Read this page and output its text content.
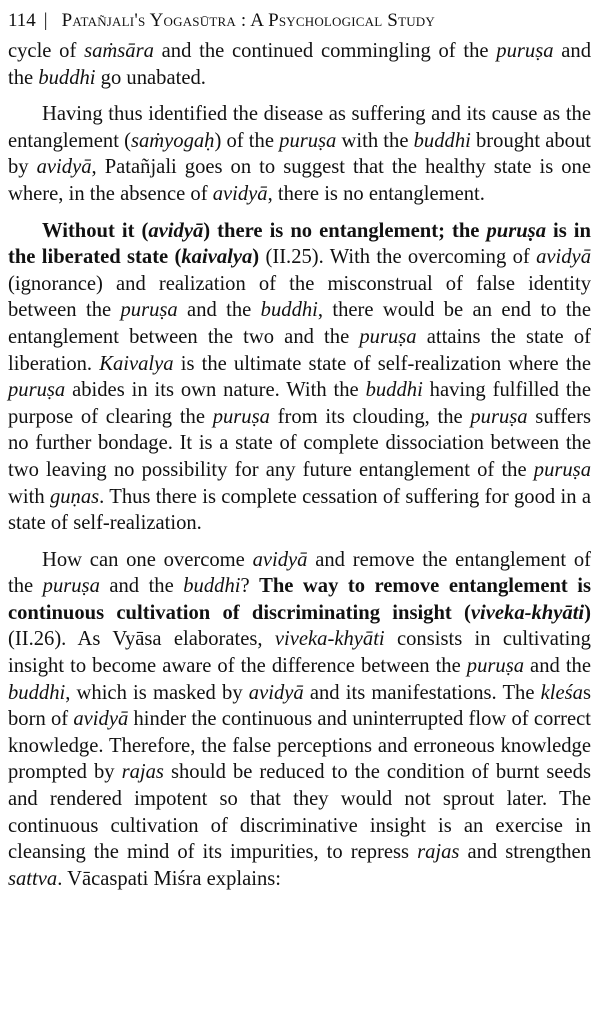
114 | Patañjali's Yogasūtra : A Psychological Study

cycle of saṁsāra and the continued commingling of the puruṣa and the buddhi go unabated.

Having thus identified the disease as suffering and its cause as the entanglement (saṁyogaḥ) of the puruṣa with the buddhi brought about by avidyā, Patañjali goes on to suggest that the healthy state is one where, in the absence of avidyā, there is no entanglement.

Without it (avidyā) there is no entanglement; the puruṣa is in the liberated state (kaivalya) (II.25). With the overcoming of avidyā (ignorance) and realization of the misconstrual of false identity between the puruṣa and the buddhi, there would be an end to the entanglement between the two and the puruṣa attains the state of liberation. Kaivalya is the ultimate state of self-realization where the puruṣa abides in its own nature. With the buddhi having fulfilled the purpose of clearing the puruṣa from its clouding, the puruṣa suffers no further bondage. It is a state of complete dissociation between the two leaving no possibility for any future entanglement of the puruṣa with guṇas. Thus there is complete cessation of suffering for good in a state of self-realization.

How can one overcome avidyā and remove the entanglement of the puruṣa and the buddhi? The way to remove entanglement is continuous cultivation of discriminating insight (viveka-khyāti) (II.26). As Vyāsa elaborates, viveka-khyāti consists in cultivating insight to become aware of the difference between the puruṣa and the buddhi, which is masked by avidyā and its manifestations. The kleśas born of avidyā hinder the continuous and uninterrupted flow of correct knowledge. Therefore, the false perceptions and erroneous knowledge prompted by rajas should be reduced to the condition of burnt seeds and rendered impotent so that they would not sprout later. The continuous cultivation of discriminative insight is an exercise in cleansing the mind of its impurities, to repress rajas and strengthen sattva. Vācaspati Miśra explains:
